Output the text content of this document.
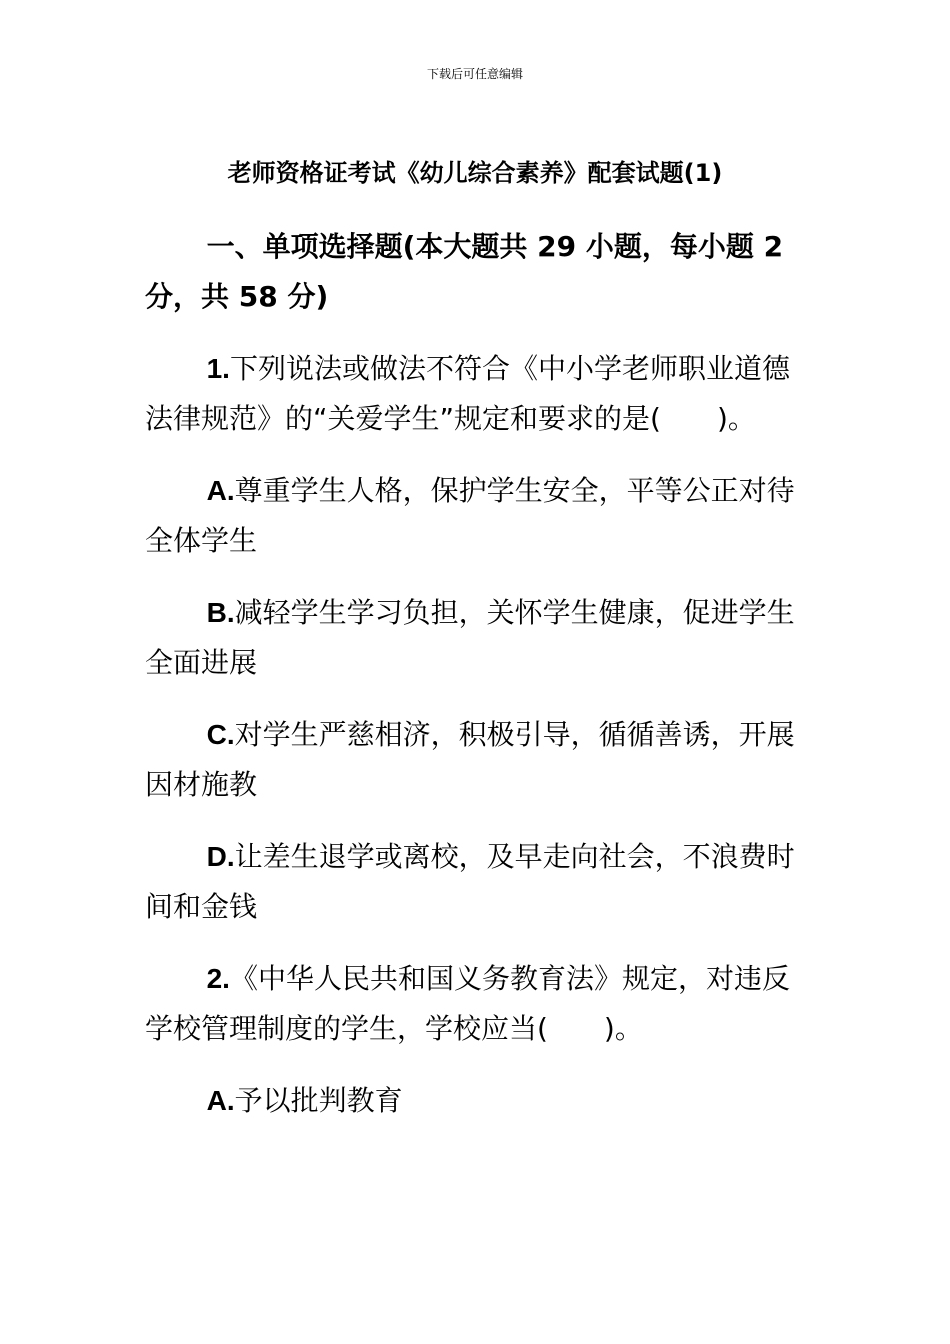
下载后可任意编辑
老师资格证考试《幼儿综合素养》配套试题(1)

一、单项选择题(本大题共 29 小题，每小题 2 分，共 58 分)

1.下列说法或做法不符合《中小学老师职业道德法律规范》的“关爱学生”规定和要求的是(　　)。

A.尊重学生人格，保护学生安全，平等公正对待全体学生

B.减轻学生学习负担，关怀学生健康，促进学生全面进展

C.对学生严慈相济，积极引导，循循善诱，开展因材施教

D.让差生退学或离校，及早走向社会，不浪费时间和金钱

2.《中华人民共和国义务教育法》规定，对违反学校管理制度的学生，学校应当(　　)。

A.予以批判教育
